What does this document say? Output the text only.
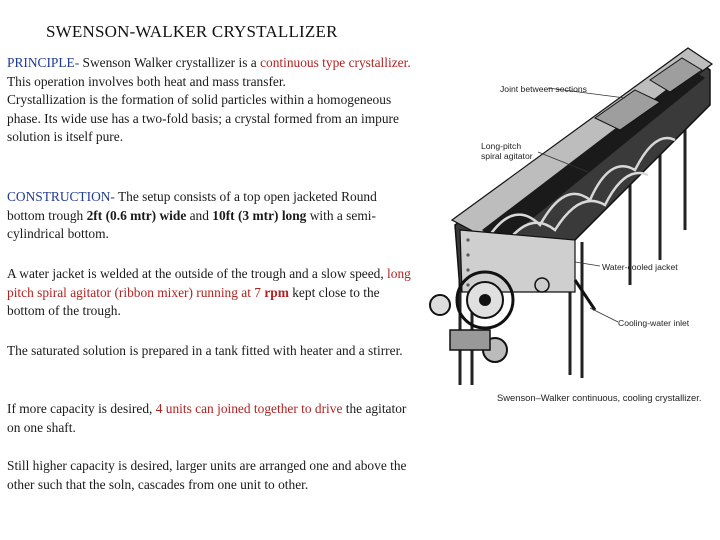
SWENSON-WALKER CRYSTALLIZER
PRINCIPLE- Swenson Walker crystallizer is a continuous type crystallizer. This operation involves both heat and mass transfer.
Crystallization is the formation of solid particles within a homogeneous phase. Its wide use has a two-fold basis; a crystal formed from an impure solution is itself pure.
CONSTRUCTION- The setup consists of a top open jacketed Round bottom trough 2ft (0.6 mtr) wide and 10ft (3 mtr) long with a semi-cylindrical bottom.
A water jacket is welded at the outside of the trough and a slow speed, long pitch spiral agitator (ribbon mixer) running at 7 rpm kept close to the bottom of the trough.
The saturated solution is prepared in a tank fitted with heater and a stirrer.
If more capacity is desired, 4 units can joined together to drive the agitator on one shaft.
Still higher capacity is desired, larger units are arranged one and above the other such that the soln, cascades from one unit to other.
Joint between sections
Long-pitch
spiral agitator
Water-cooled jacket
Cooling-water inlet
Swenson–Walker continuous, cooling crystallizer.
